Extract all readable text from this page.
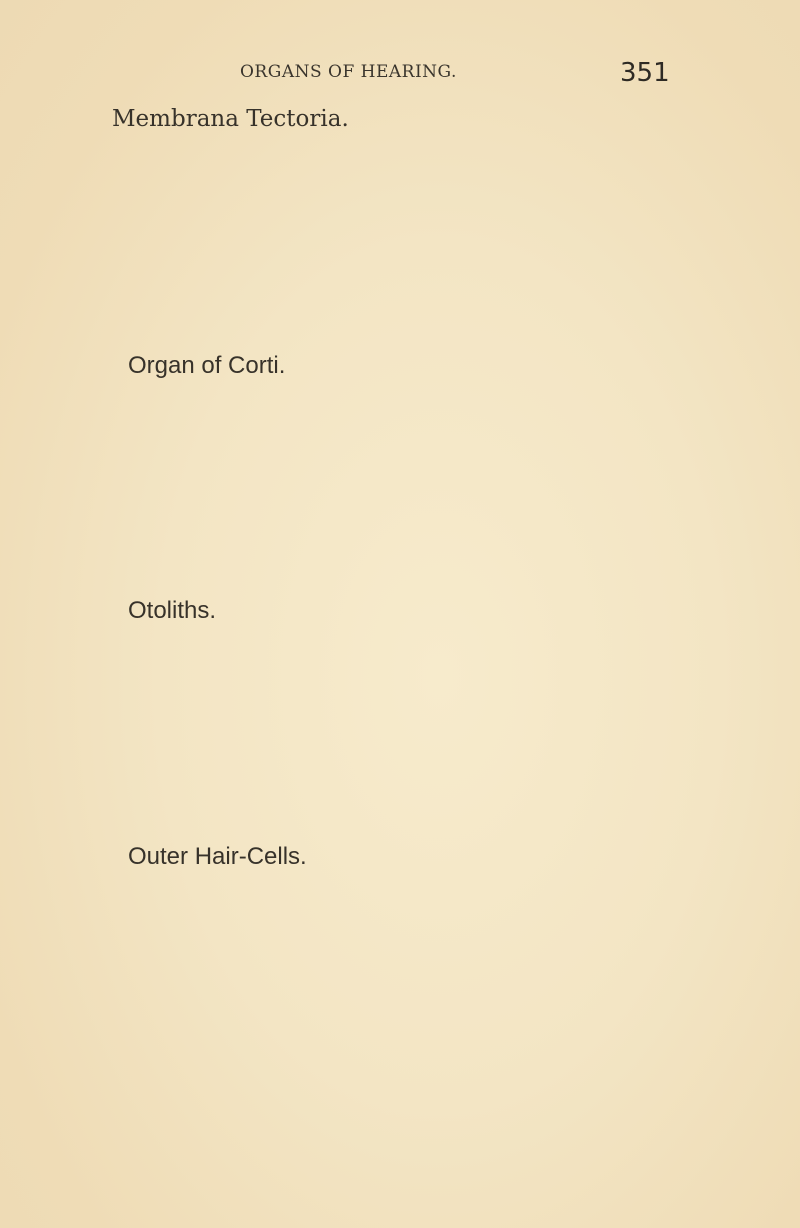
ORGANS OF HEARING.	351
Membrana Tectoria.
Organ of Corti.
Otoliths.
Outer Hair-Cells.
